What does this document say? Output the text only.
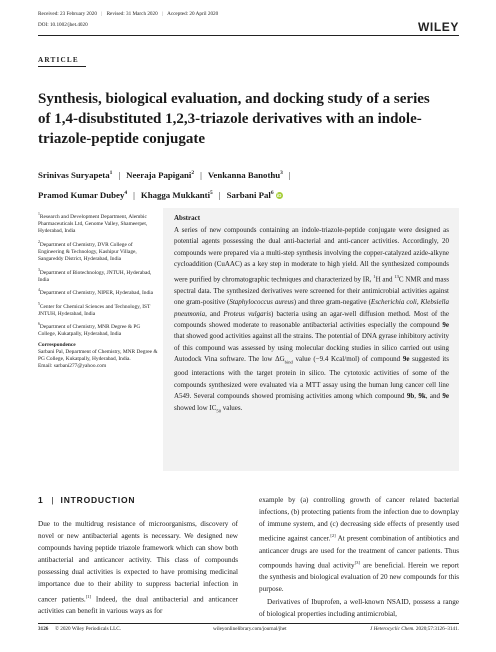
Received: 23 February 2020 | Revised: 31 March 2020 | Accepted: 20 April 2020
DOI: 10.1002/jhet.4020	WILEY
ARTICLE
Synthesis, biological evaluation, and docking study of a series of 1,4-disubstituted 1,2,3-triazole derivatives with an indole-triazole-peptide conjugate
Srinivas Suryapeta$^1$ | Neeraja Papigani$^2$ | Venkanna Banothu$^3$ |
Pramod Kumar Dubey$^4$ | Khagga Mukkanti$^5$ | Sarbani Pal$^6$ iD
$^1$Research and Development Department, Alembic Pharmaceuticals Ltd, Genome Valley, Shameerpet, Hyderabad, India
$^2$Department of Chemistry, DVR College of Engineering & Technology, Kashipur Village, Sangareddy District, Hyderabad, India
$^3$Department of Biotechnology, JNTUH, Hyderabad, India
$^4$Department of Chemistry, NIPER, Hyderabad, India
$^5$Center for Chemical Sciences and Technology, IST JNTUH, Hyderabad, India
$^6$Department of Chemistry, MNR Degree & PG College, Kukatpally, Hyderabad, India
Correspondence
Sarbani Pal, Department of Chemistry, MNR Degree & PG College, Kukatpally, Hyderabad, India.
Email: sarbani277@yahoo.com
Abstract
A series of new compounds containing an indole-triazole-peptide conjugate were designed as potential agents possessing the dual anti-bacterial and anti-cancer activities. Accordingly, 20 compounds were prepared via a multi-step synthesis involving the copper-catalyzed azide-alkyne cycloaddition (CuAAC) as a key step in moderate to high yield. All the synthesized compounds were purified by chromatographic techniques and characterized by IR, $^1$H and $^{13}$C NMR and mass spectral data. The synthesized derivatives were screened for their antimicrobial activities against one gram-positive (Staphylococcus aureus) and three gram-negative (Escherichia coli, Klebsiella pneumonia, and Proteus vulgaris) bacteria using an agar-well diffusion method. Most of the compounds showed moderate to reasonable antibacterial activities especially the compound 9e that showed good activities against all the strains. The potential of DNA gyrase inhibitory activity of this compound was assessed by using molecular docking studies in silico carried out using Autodock Vina software. The low $\Delta G_{bind}$ value (−9.4 Kcal/mol) of compound 9e suggested its good interactions with the target protein in silico. The cytotoxic activities of some of the compounds synthesized were evaluated via a MTT assay using the human lung cancer cell line A549. Several compounds showed promising activities among which compound 9b, 9k, and 9e showed low $IC_{50}$ values.
1 | INTRODUCTION

Due to the multidrug resistance of microorganisms, discovery of novel or new antibacterial agents is necessary. We designed new compounds having peptide triazole framework which can show both antibacterial and anticancer activity. This class of compounds possessing dual activities is expected to have promising medicinal importance due to their ability to suppress bacterial infection in cancer patients.[1] Indeed, the dual antibacterial and anticancer activities can benefit in various ways as for

example by (a) controlling growth of cancer related bacterial infections, (b) protecting patients from the infection due to downplay of immune system, and (c) decreasing side effects of presently used medicine against cancer.[2] At present combination of antibiotics and anticancer drugs are used for the treatment of cancer patients. Thus compounds having dual activity[3] are beneficial. Herein we report the synthesis and biological evaluation of 20 new compounds for this purpose.

Derivatives of Ibuprofen, a well-known NSAID, possess a range of biological properties including antimicrobial,

3126 © 2020 Wiley Periodicals LLC.	wileyonlinelibrary.com/journal/jhet	J Heterocyclic Chem. 2020;57:3126–3141.
